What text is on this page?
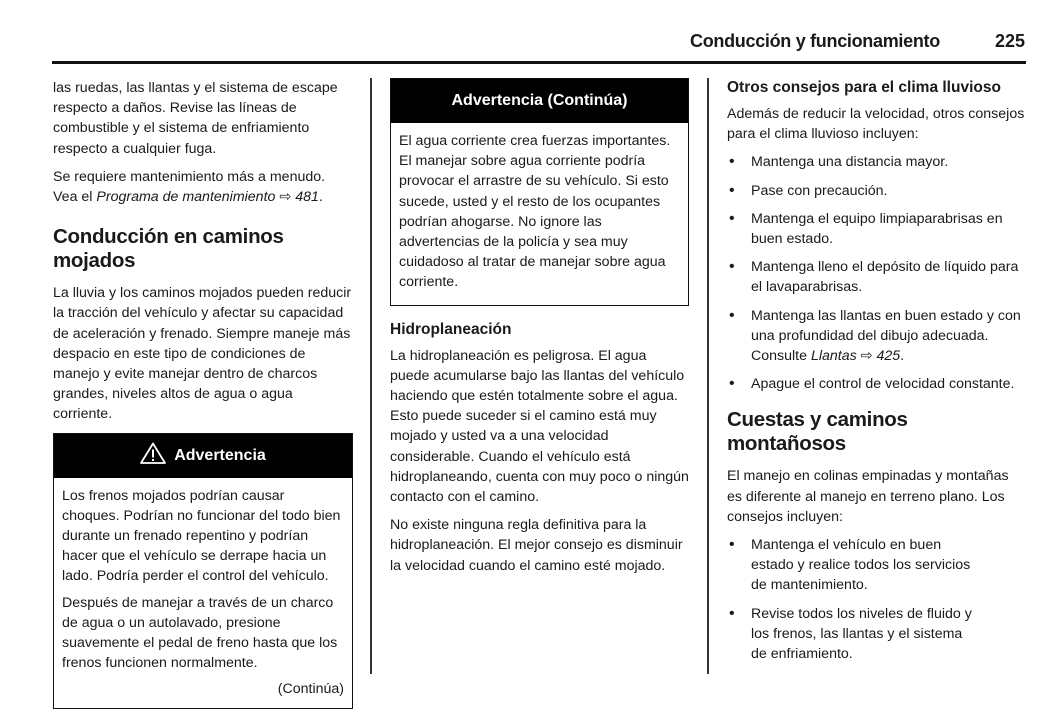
Conducción y funcionamiento	225

las ruedas, las llantas y el sistema de escape respecto a daños. Revise las líneas de combustible y el sistema de enfriamiento respecto a cualquier fuga.

Se requiere mantenimiento más a menudo. Vea el Programa de mantenimiento ⇨ 481.

Conducción en caminos mojados

La lluvia y los caminos mojados pueden reducir la tracción del vehículo y afectar su capacidad de aceleración y frenado. Siempre maneje más despacio en este tipo de condiciones de manejo y evite manejar dentro de charcos grandes, niveles altos de agua o agua corriente.

Advertencia

Los frenos mojados podrían causar choques. Podrían no funcionar del todo bien durante un frenado repentino y podrían hacer que el vehículo se derrape hacia un lado. Podría perder el control del vehículo.

Después de manejar a través de un charco de agua o un autolavado, presione suavemente el pedal de freno hasta que los frenos funcionen normalmente.

(Continúa)
Advertencia (Continúa)

El agua corriente crea fuerzas importantes. El manejar sobre agua corriente podría provocar el arrastre de su vehículo. Si esto sucede, usted y el resto de los ocupantes podrían ahogarse. No ignore las advertencias de la policía y sea muy cuidadoso al tratar de manejar sobre agua corriente.

Hidroplaneación

La hidroplaneación es peligrosa. El agua puede acumularse bajo las llantas del vehículo haciendo que estén totalmente sobre el agua. Esto puede suceder si el camino está muy mojado y usted va a una velocidad considerable. Cuando el vehículo está hidroplaneando, cuenta con muy poco o ningún contacto con el camino.

No existe ninguna regla definitiva para la hidroplaneación. El mejor consejo es disminuir la velocidad cuando el camino esté mojado.

Otros consejos para el clima lluvioso

Además de reducir la velocidad, otros consejos para el clima lluvioso incluyen:

• Mantenga una distancia mayor.
• Pase con precaución.
• Mantenga el equipo limpiaparabrisas en buen estado.
• Mantenga lleno el depósito de líquido para el lavaparabrisas.
• Mantenga las llantas en buen estado y con una profundidad del dibujo adecuada.
Consulte Llantas ⇨ 425.
• Apague el control de velocidad constante.
Cuestas y caminos montañosos

El manejo en colinas empinadas y montañas es diferente al manejo en terreno plano. Los consejos incluyen:

• Mantenga el vehículo en buen estado y realice todos los servicios de mantenimiento.
• Revise todos los niveles de fluido y los frenos, las llantas y el sistema de enfriamiento.
